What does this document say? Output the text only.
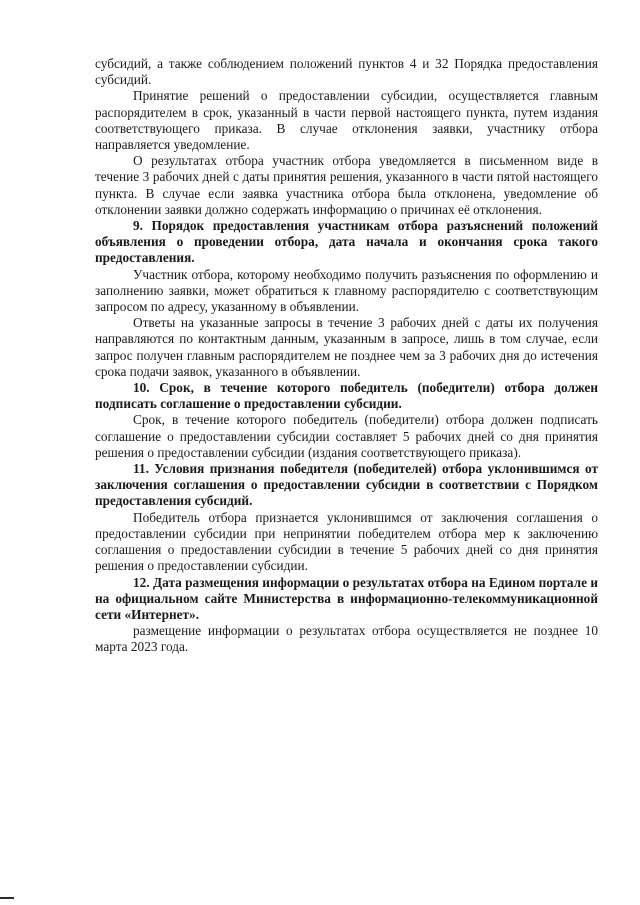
субсидий, а также соблюдением положений пунктов 4 и 32 Порядка предоставления субсидий.

Принятие решений о предоставлении субсидии, осуществляется главным распорядителем в срок, указанный в части первой настоящего пункта, путем издания соответствующего приказа. В случае отклонения заявки, участнику отбора направляется уведомление.

О результатах отбора участник отбора уведомляется в письменном виде в течение 3 рабочих дней с даты принятия решения, указанного в части пятой настоящего пункта. В случае если заявка участника отбора была отклонена, уведомление об отклонении заявки должно содержать информацию о причинах её отклонения.

9. Порядок предоставления участникам отбора разъяснений положений объявления о проведении отбора, дата начала и окончания срока такого предоставления.

Участник отбора, которому необходимо получить разъяснения по оформлению и заполнению заявки, может обратиться к главному распорядителю с соответствующим запросом по адресу, указанному в объявлении.

Ответы на указанные запросы в течение 3 рабочих дней с даты их получения направляются по контактным данным, указанным в запросе, лишь в том случае, если запрос получен главным распорядителем не позднее чем за 3 рабочих дня до истечения срока подачи заявок, указанного в объявлении.

10. Срок, в течение которого победитель (победители) отбора должен подписать соглашение о предоставлении субсидии.

Срок, в течение которого победитель (победители) отбора должен подписать соглашение о предоставлении субсидии составляет 5 рабочих дней со дня принятия решения о предоставлении субсидии (издания соответствующего приказа).

11. Условия признания победителя (победителей) отбора уклонившимся от заключения соглашения о предоставлении субсидии в соответствии с Порядком предоставления субсидий.

Победитель отбора признается уклонившимся от заключения соглашения о предоставлении субсидии при непринятии победителем отбора мер к заключению соглашения о предоставлении субсидии в течение 5 рабочих дней со дня принятия решения о предоставлении субсидии.

12. Дата размещения информации о результатах отбора на Едином портале и на официальном сайте Министерства в информационно-телекоммуникационной сети «Интернет».

размещение информации о результатах отбора осуществляется не позднее 10 марта 2023 года.
